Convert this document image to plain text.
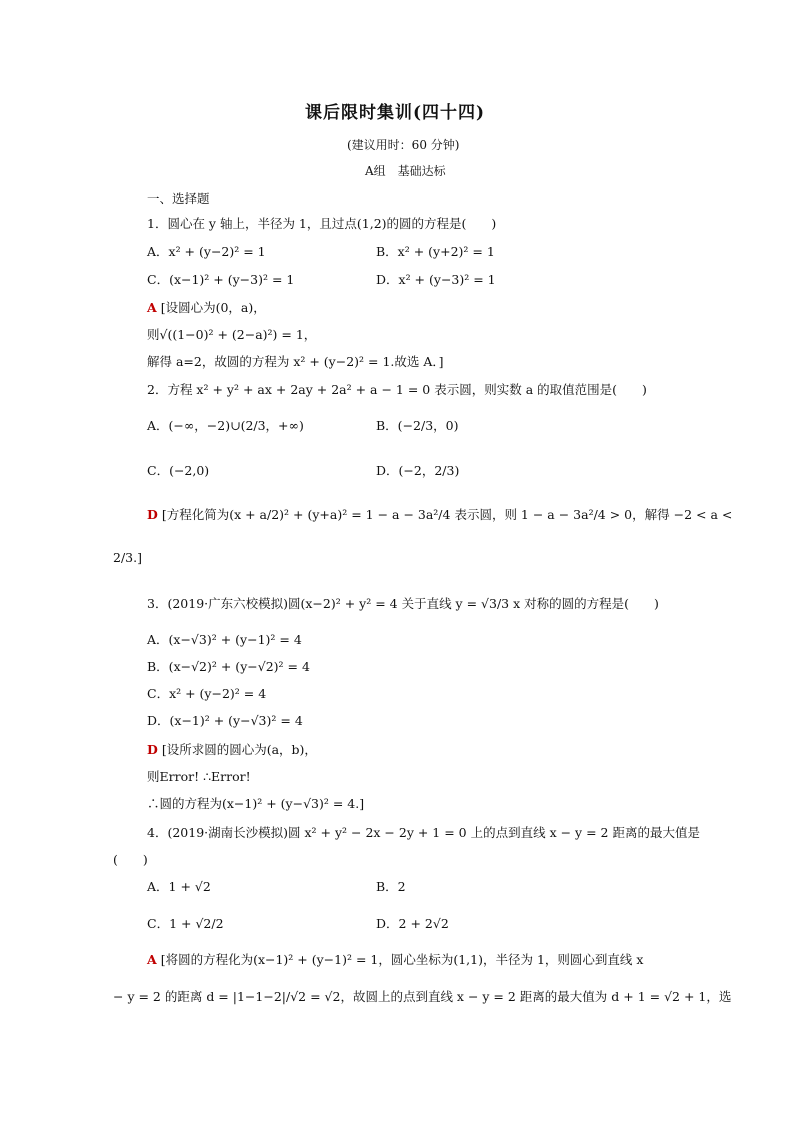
课后限时集训(四十四)
(建议用时：60 分钟)
A组　基础达标
一、选择题
1．圆心在 y 轴上，半径为 1，且过点(1,2)的圆的方程是(　　)
A．x² + (y−2)² = 1	B．x² + (y+2)² = 1
C．(x−1)² + (y−3)² = 1	D．x² + (y−3)² = 1
A [设圆心为(0，a)，
则√((1−0)² + (2−a)²) = 1，
解得 a=2，故圆的方程为 x² + (y−2)² = 1.故选 A．]
2．方程 x² + y² + ax + 2ay + 2a² + a − 1 = 0 表示圆，则实数 a 的取值范围是(　　)
A．(−∞，−2)∪(2/3，+∞)	B．(−2/3，0)
C．(−2,0)	D．(−2，2/3)
D [方程化简为(x + a/2)² + (y+a)² = 1 − a − 3a²/4 表示圆，则 1 − a − 3a²/4 > 0，解得 −2 < a <
2/3.]
3．(2019·广东六校模拟)圆(x−2)² + y² = 4 关于直线 y = √3/3 x 对称的圆的方程是(　　)
A．(x−√3)² + (y−1)² = 4
B．(x−√2)² + (y−√2)² = 4
C．x² + (y−2)² = 4
D．(x−1)² + (y−√3)² = 4
D [设所求圆的圆心为(a，b)，
则Error! ∴Error!
∴圆的方程为(x−1)² + (y−√3)² = 4.]
4．(2019·湖南长沙模拟)圆 x² + y² − 2x − 2y + 1 = 0 上的点到直线 x − y = 2 距离的最大值是
(　　)
A．1 + √2	B．2
C．1 + √2/2	D．2 + 2√2
A [将圆的方程化为(x−1)² + (y−1)² = 1，圆心坐标为(1,1)，半径为 1，则圆心到直线 x
− y = 2 的距离 d = |1−1−2|/√2 = √2，故圆上的点到直线 x − y = 2 距离的最大值为 d + 1 = √2 + 1，选
